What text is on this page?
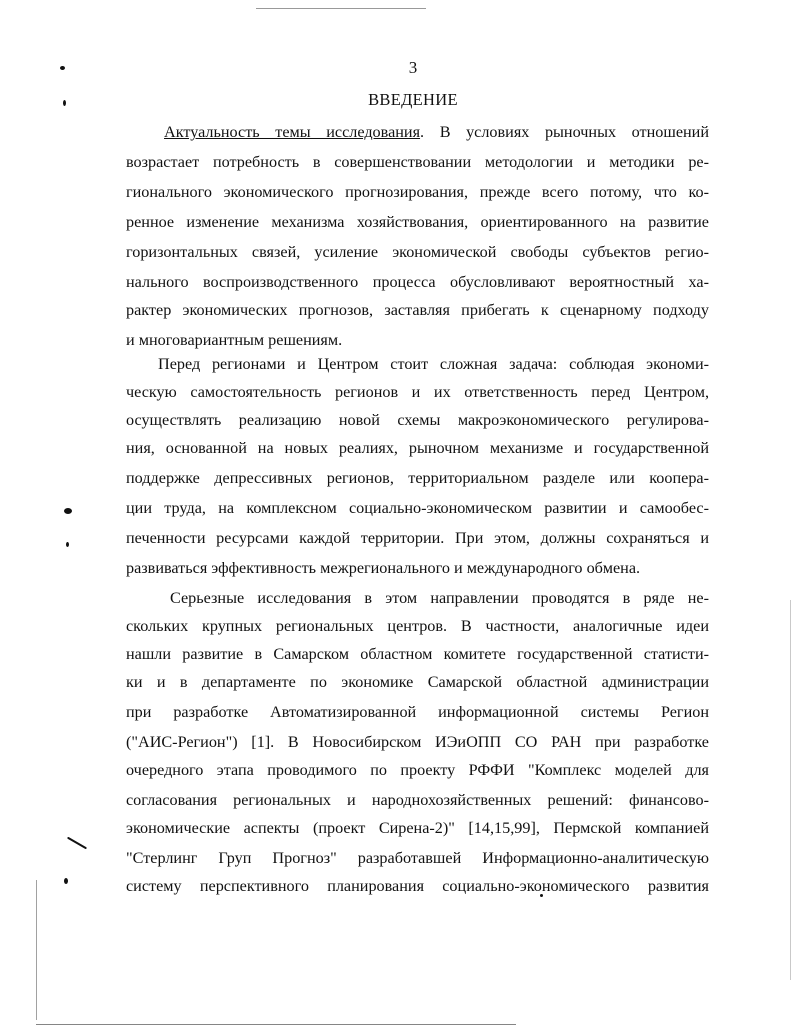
3
ВВЕДЕНИЕ
Актуальность темы исследования. В условиях рыночных отношений
возрастает потребность в совершенствовании методологии и методики ре-
гионального экономического прогнозирования, прежде всего потому, что ко-
ренное изменение механизма хозяйствования, ориентированного на развитие
горизонтальных связей, усиление экономической свободы субъектов регио-
нального воспроизводственного процесса обусловливают вероятностный ха-
рактер экономических прогнозов, заставляя прибегать к сценарному подходу
и многовариантным решениям.
Перед регионами и Центром стоит сложная задача: соблюдая экономи-
ческую самостоятельность регионов и их ответственность перед Центром,
осуществлять реализацию новой схемы макроэкономического регулирова-
ния, основанной на новых реалиях, рыночном механизме и государственной
поддержке депрессивных регионов, территориальном разделе или коопера-
ции труда, на комплексном социально-экономическом развитии и самообес-
печенности ресурсами каждой территории. При этом, должны сохраняться и
развиваться эффективность межрегионального и международного обмена.
Серьезные исследования в этом направлении проводятся в ряде не-
скольких крупных региональных центров. В частности, аналогичные идеи
нашли развитие в Самарском областном комитете государственной статисти-
ки и в департаменте по экономике Самарской областной администрации
при разработке Автоматизированной информационной системы Регион
("АИС-Регион") [1]. В Новосибирском ИЭиОПП СО РАН при разработке
очередного этапа проводимого по проекту РФФИ "Комплекс моделей для
согласования региональных и народнохозяйственных решений: финансово-
экономические аспекты (проект Сирена-2)" [14,15,99], Пермской компанией
"Стерлинг Груп Прогноз" разработавшей Информационно-аналитическую
систему перспективного планирования социально-экономического развития
